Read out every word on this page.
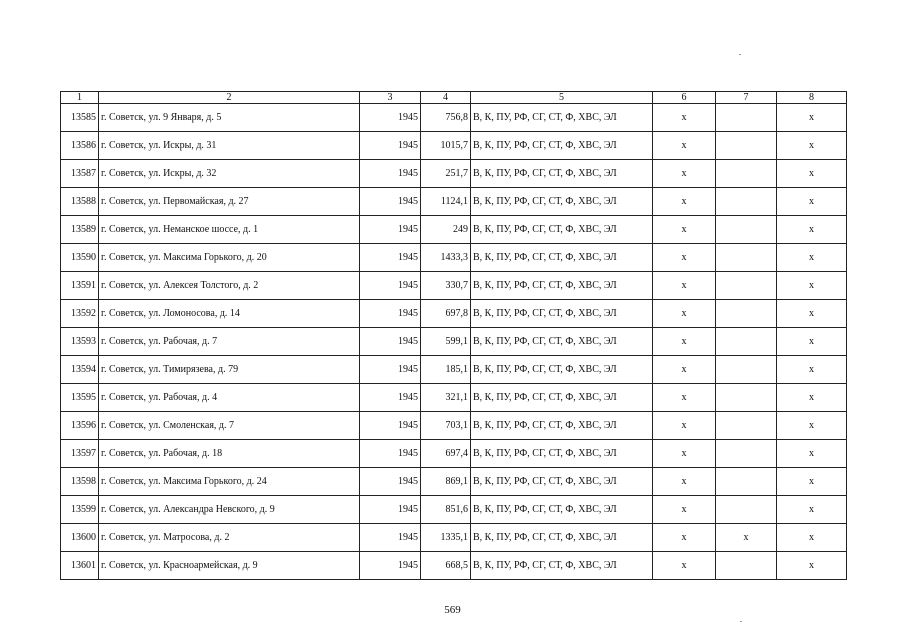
1	2	3	4	5	6	7	8
13585	г. Советск, ул. 9 Января, д. 5	1945	756,8	В, К, ПУ, РФ, СГ, СТ, Ф, ХВС, ЭЛ	x		x
13586	г. Советск, ул. Искры, д. 31	1945	1015,7	В, К, ПУ, РФ, СГ, СТ, Ф, ХВС, ЭЛ	x		x
13587	г. Советск, ул. Искры, д. 32	1945	251,7	В, К, ПУ, РФ, СГ, СТ, Ф, ХВС, ЭЛ	x		x
13588	г. Советск, ул. Первомайская, д. 27	1945	1124,1	В, К, ПУ, РФ, СГ, СТ, Ф, ХВС, ЭЛ	x		x
13589	г. Советск, ул. Неманское шоссе, д. 1	1945	249	В, К, ПУ, РФ, СГ, СТ, Ф, ХВС, ЭЛ	x		x
13590	г. Советск, ул. Максима Горького, д. 20	1945	1433,3	В, К, ПУ, РФ, СГ, СТ, Ф, ХВС, ЭЛ	x		x
13591	г. Советск, ул. Алексея Толстого, д. 2	1945	330,7	В, К, ПУ, РФ, СГ, СТ, Ф, ХВС, ЭЛ	x		x
13592	г. Советск, ул. Ломоносова, д. 14	1945	697,8	В, К, ПУ, РФ, СГ, СТ, Ф, ХВС, ЭЛ	x		x
13593	г. Советск, ул. Рабочая, д. 7	1945	599,1	В, К, ПУ, РФ, СГ, СТ, Ф, ХВС, ЭЛ	x		x
13594	г. Советск, ул. Тимирязева, д. 79	1945	185,1	В, К, ПУ, РФ, СГ, СТ, Ф, ХВС, ЭЛ	x		x
13595	г. Советск, ул. Рабочая, д. 4	1945	321,1	В, К, ПУ, РФ, СГ, СТ, Ф, ХВС, ЭЛ	x		x
13596	г. Советск, ул. Смоленская, д. 7	1945	703,1	В, К, ПУ, РФ, СГ, СТ, Ф, ХВС, ЭЛ	x		x
13597	г. Советск, ул. Рабочая, д. 18	1945	697,4	В, К, ПУ, РФ, СГ, СТ, Ф, ХВС, ЭЛ	x		x
13598	г. Советск, ул. Максима Горького, д. 24	1945	869,1	В, К, ПУ, РФ, СГ, СТ, Ф, ХВС, ЭЛ	x		x
13599	г. Советск, ул. Александра Невского, д. 9	1945	851,6	В, К, ПУ, РФ, СГ, СТ, Ф, ХВС, ЭЛ	x		x
13600	г. Советск, ул. Матросова, д. 2	1945	1335,1	В, К, ПУ, РФ, СГ, СТ, Ф, ХВС, ЭЛ	x	x	x
13601	г. Советск, ул. Красноармейская, д. 9	1945	668,5	В, К, ПУ, РФ, СГ, СТ, Ф, ХВС, ЭЛ	x		x
569
